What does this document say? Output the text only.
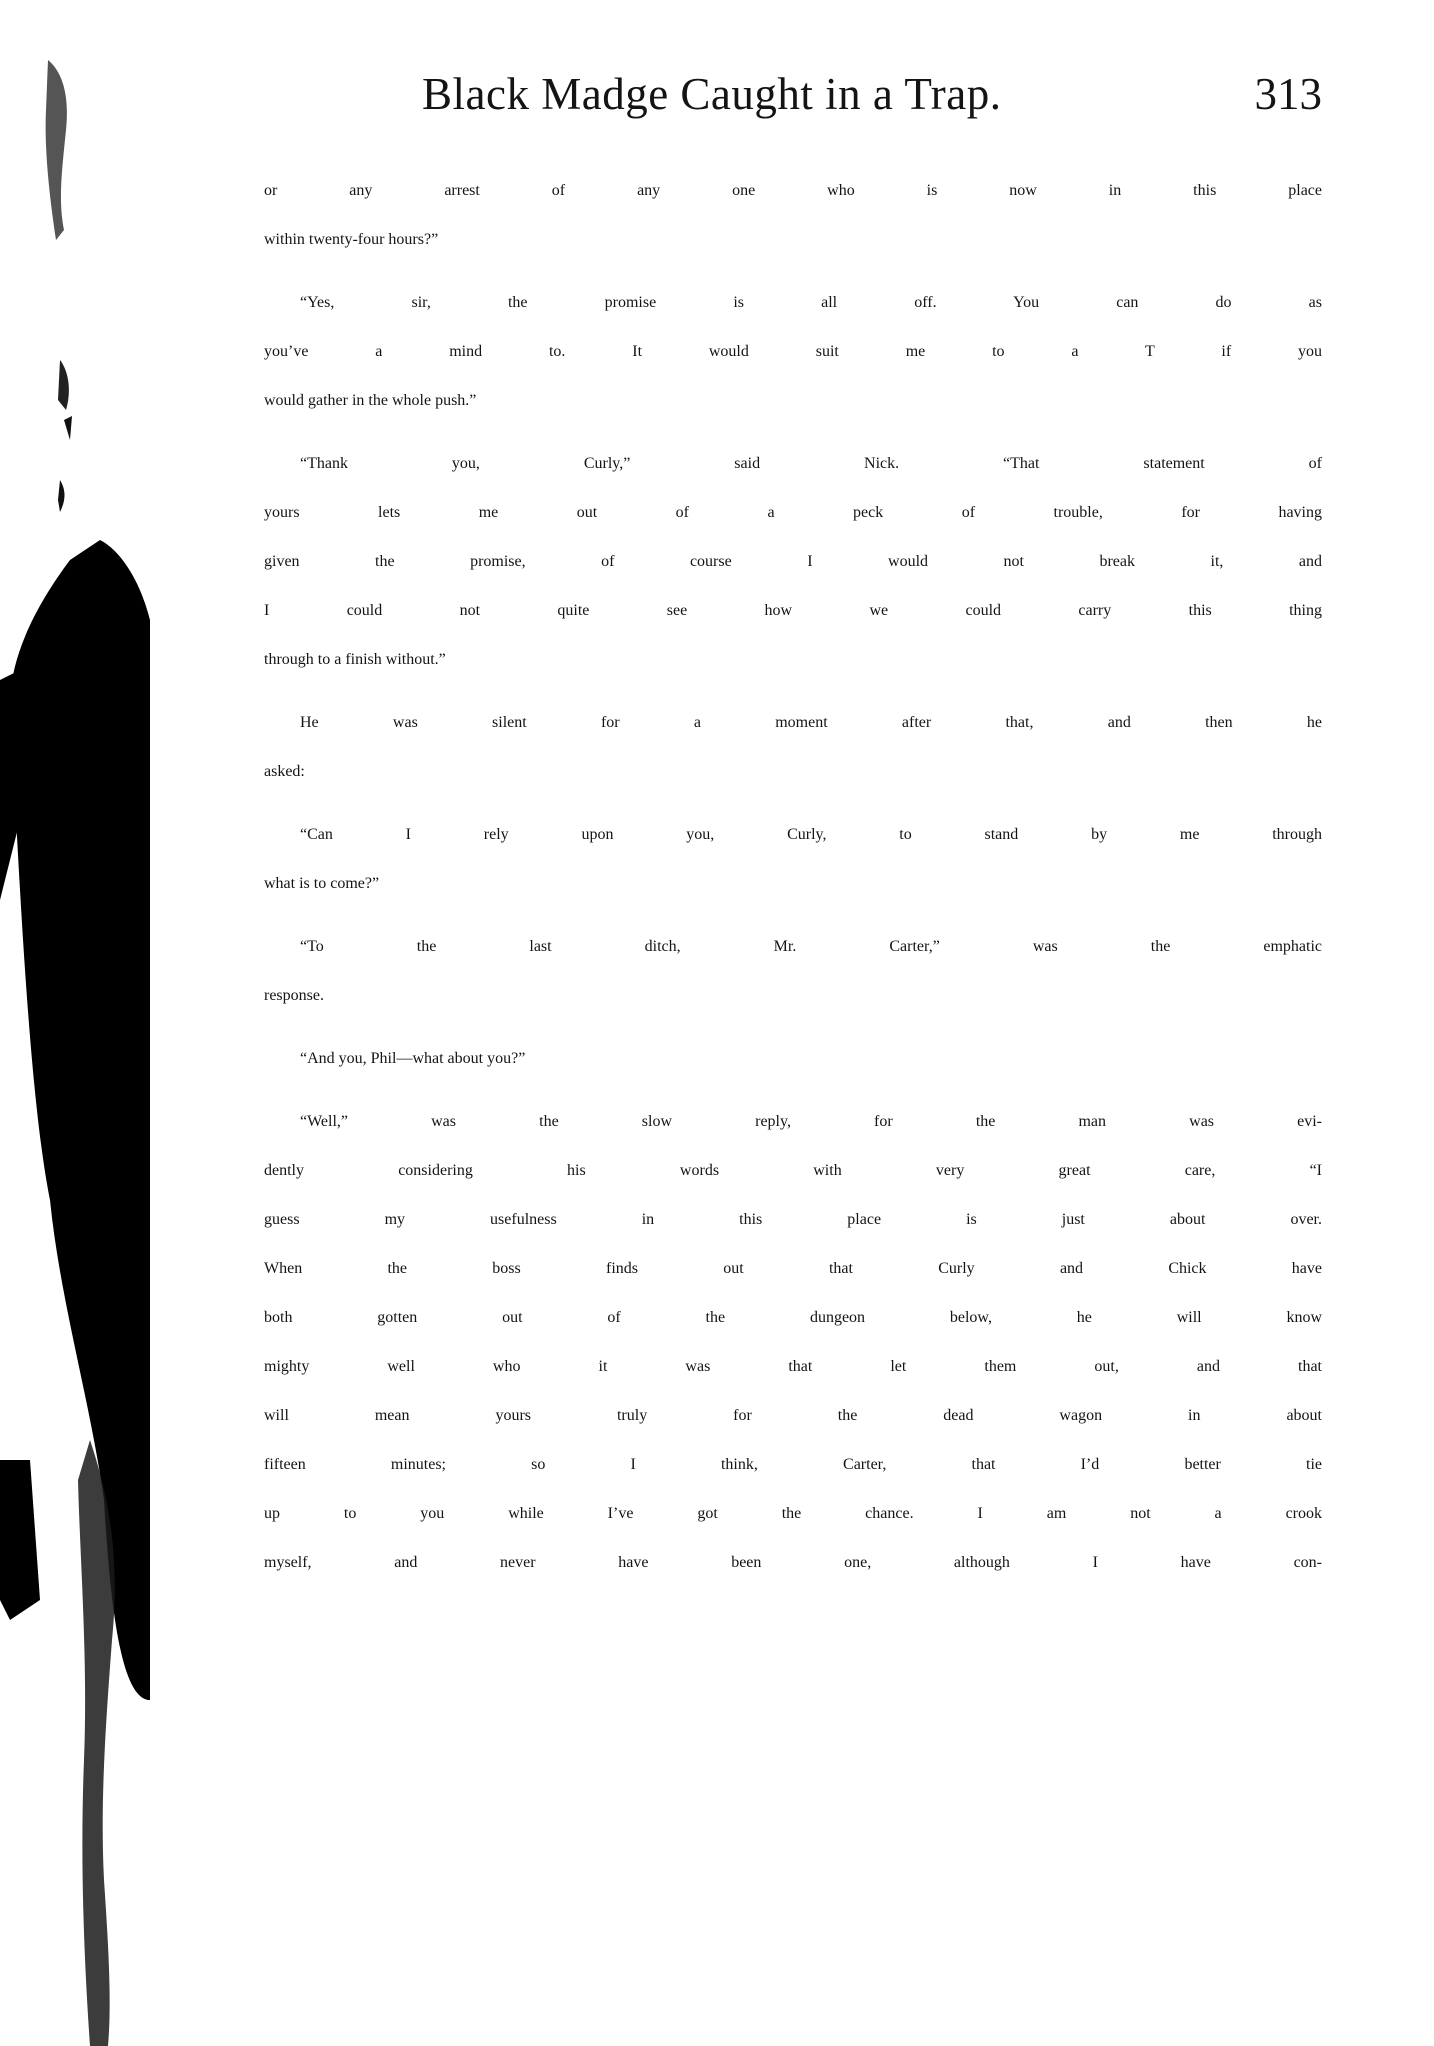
Black Madge Caught in a Trap.	313
or any arrest of any one who is now in this place
within twenty-four hours?”
“Yes, sir, the promise is all off. You can do as
you’ve a mind to. It would suit me to a T if you
would gather in the whole push.”
“Thank you, Curly,” said Nick. “That statement of
yours lets me out of a peck of trouble, for having
given the promise, of course I would not break it, and
I could not quite see how we could carry this thing
through to a finish without.”
He was silent for a moment after that, and then he
asked:
“Can I rely upon you, Curly, to stand by me through
what is to come?”
“To the last ditch, Mr. Carter,” was the emphatic
response.
“And you, Phil—what about you?”
“Well,” was the slow reply, for the man was evi-
dently considering his words with very great care, “I
guess my usefulness in this place is just about over.
When the boss finds out that Curly and Chick have
both gotten out of the dungeon below, he will know
mighty well who it was that let them out, and that
will mean yours truly for the dead wagon in about
fifteen minutes; so I think, Carter, that I’d better tie
up to you while I’ve got the chance. I am not a crook
myself, and never have been one, although I have con-
